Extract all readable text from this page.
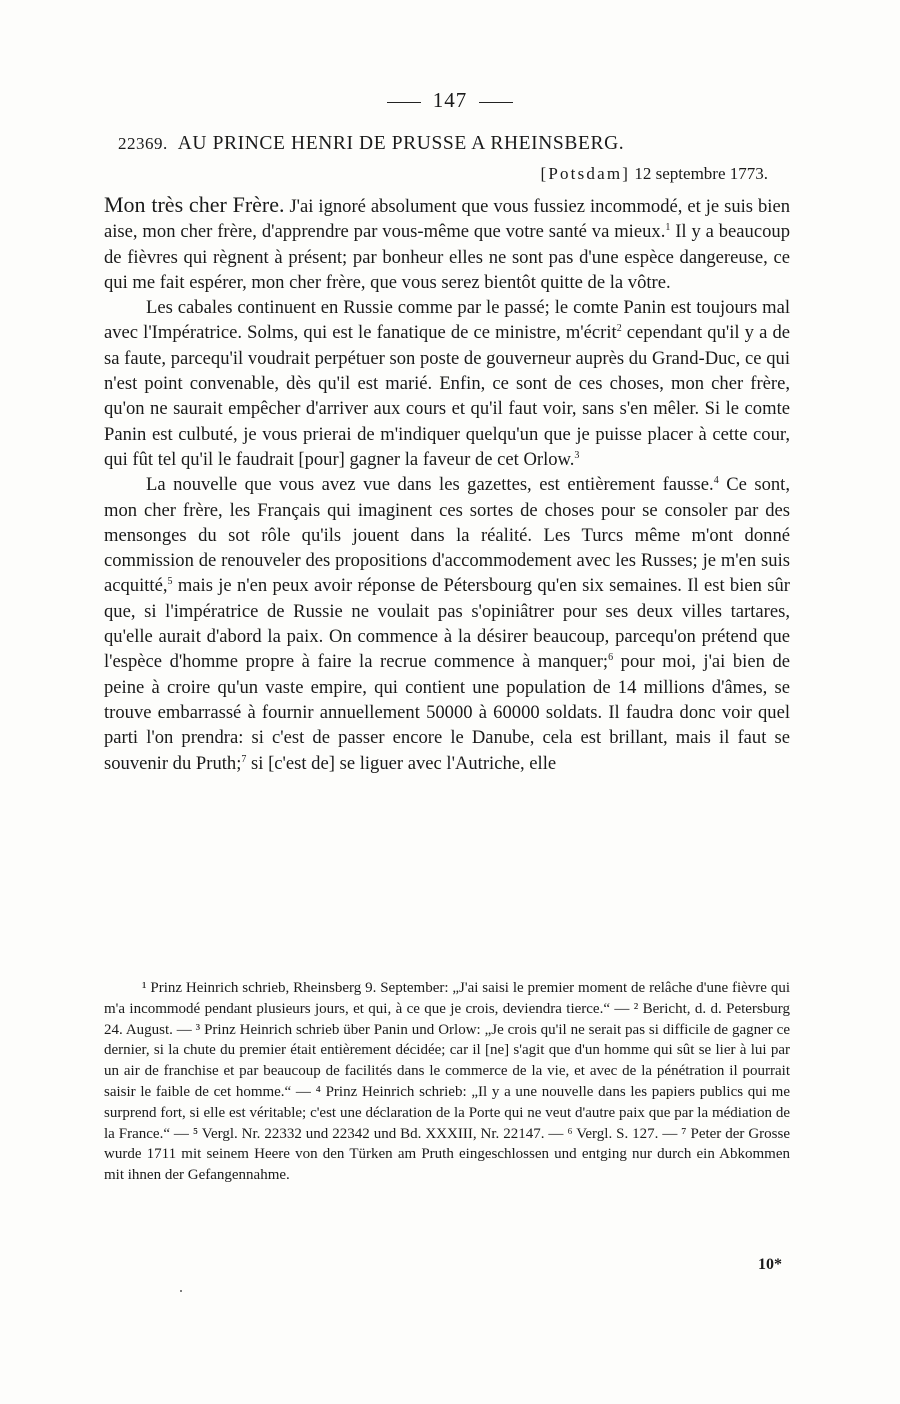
147
22369. AU PRINCE HENRI DE PRUSSE A RHEINSBERG.
[Potsdam] 12 septembre 1773.

Mon très cher Frère. J'ai ignoré absolument que vous fussiez incommodé, et je suis bien aise, mon cher frère, d'apprendre par vous-même que votre santé va mieux.$^1$ Il y a beaucoup de fièvres qui règnent à présent; par bonheur elles ne sont pas d'une espèce dangereuse, ce qui me fait espérer, mon cher frère, que vous serez bientôt quitte de la vôtre.

Les cabales continuent en Russie comme par le passé; le comte Panin est toujours mal avec l'Impératrice. Solms, qui est le fanatique de ce ministre, m'écrit$^2$ cependant qu'il y a de sa faute, parcequ'il voudrait perpétuer son poste de gouverneur auprès du Grand-Duc, ce qui n'est point convenable, dès qu'il est marié. Enfin, ce sont de ces choses, mon cher frère, qu'on ne saurait empêcher d'arriver aux cours et qu'il faut voir, sans s'en mêler. Si le comte Panin est culbuté, je vous prierai de m'indiquer quelqu'un que je puisse placer à cette cour, qui fût tel qu'il le faudrait [pour] gagner la faveur de cet Orlow.$^3$

La nouvelle que vous avez vue dans les gazettes, est entièrement fausse.$^4$ Ce sont, mon cher frère, les Français qui imaginent ces sortes de choses pour se consoler par des mensonges du sot rôle qu'ils jouent dans la réalité. Les Turcs même m'ont donné commission de renouveler des propositions d'accommodement avec les Russes; je m'en suis acquitté,$^5$ mais je n'en peux avoir réponse de Pétersbourg qu'en six semaines. Il est bien sûr que, si l'impératrice de Russie ne voulait pas s'opiniâtrer pour ses deux villes tartares, qu'elle aurait d'abord la paix. On commence à la désirer beaucoup, parcequ'on prétend que l'espèce d'homme propre à faire la recrue commence à manquer;$^6$ pour moi, j'ai bien de peine à croire qu'un vaste empire, qui contient une population de 14 millions d'âmes, se trouve embarrassé à fournir annuellement 50000 à 60000 soldats. Il faudra donc voir quel parti l'on prendra: si c'est de passer encore le Danube, cela est brillant, mais il faut se souvenir du Pruth;$^7$ si [c'est de] se liguer avec l'Autriche, elle

¹ Prinz Heinrich schrieb, Rheinsberg 9. September: „J'ai saisi le premier moment de relâche d'une fièvre qui m'a incommodé pendant plusieurs jours, et qui, à ce que je crois, deviendra tierce.“ — ² Bericht, d. d. Petersburg 24. August. — ³ Prinz Heinrich schrieb über Panin und Orlow: „Je crois qu'il ne serait pas si difficile de gagner ce dernier, si la chute du premier était entièrement décidée; car il [ne] s'agit que d'un homme qui sût se lier à lui par un air de franchise et par beaucoup de facilités dans le commerce de la vie, et avec de la pénétration il pourrait saisir le faible de cet homme.“ — ⁴ Prinz Heinrich schrieb: „Il y a une nouvelle dans les papiers publics qui me surprend fort, si elle est véritable; c'est une déclaration de la Porte qui ne veut d'autre paix que par la médiation de la France.“ — ⁵ Vergl. Nr. 22332 und 22342 und Bd. XXXIII, Nr. 22147. — ⁶ Vergl. S. 127. — ⁷ Peter der Grosse wurde 1711 mit seinem Heere von den Türken am Pruth eingeschlossen und entging nur durch ein Abkommen mit ihnen der Gefangennahme.

10*
